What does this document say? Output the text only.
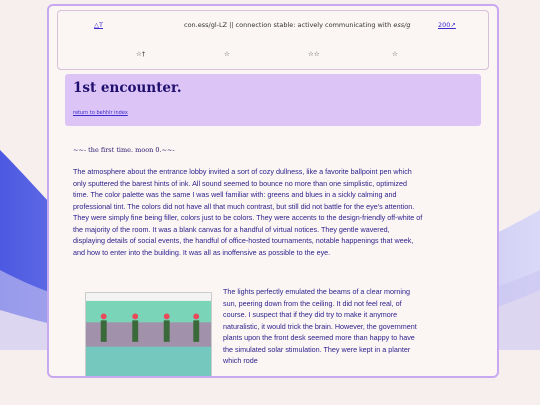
△T	con.ess/gl-LZ || connection stable: actively communicating with ess/g	200↗
☆†	☆	☆☆	☆
1st encounter.
return to behhlr index

~~- the first time. moon 0.~~-

The atmosphere about the entrance lobby invited a sort of cozy dullness, like a favorite ballpoint pen which only sputtered the barest hints of ink. All sound seemed to bounce no more than one simplistic, optimized time. The color palette was the same I was well familiar with: greens and blues in a sickly calming and professional tint. The colors did not have all that much contrast, but still did not battle for the eye's attention. They were simply fine being filler, colors just to be colors. They were accents to the design-friendly off-white of the majority of the room. It was a blank canvas for a handful of virtual notices. They gentle wavered, displaying details of social events, the handful of office-hosted tournaments, notable happenings that week, and how to enter into the building. It was all as inoffensive as possible to the eye.

The lights perfectly emulated the beams of a clear morning sun, peering down from the ceiling. It did not feel real, of course. I suspect that if they did try to make it anymore naturalistic, it would trick the brain. However, the government plants upon the front desk seemed more than happy to have the simulated solar stimulation. They were kept in a planter which rode
